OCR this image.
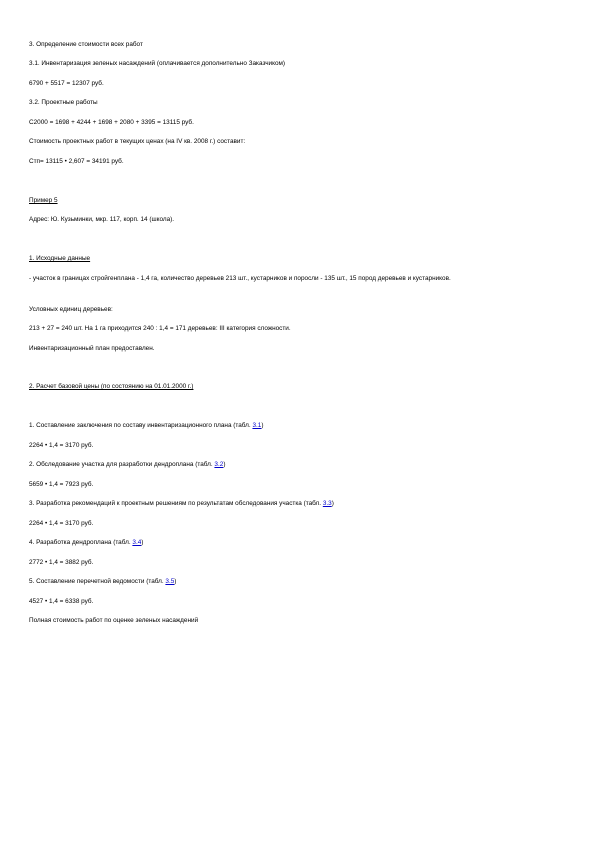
3. Определение стоимости всех работ
3.1. Инвентаризация зеленых насаждений (оплачивается дополнительно Заказчиком)
6790 + 5517 = 12307 руб.
3.2. Проектные работы
С2000 = 1698 + 4244 + 1698 + 2080 + 3395 = 13115 руб.
Стоимость проектных работ в текущих ценах (на IV кв. 2008 г.) составит:
Стп= 13115 • 2,607 = 34191 руб.
Пример 5
Адрес: Ю. Кузьминки, мкр. 117, корп. 14 (школа).
1. Исходные данные
- участок в границах стройгенплана - 1,4 га, количество деревьев 213 шт., кустарников и поросли - 135 шт., 15 пород деревьев и кустарников.
Условных единиц деревьев:
213 + 27 = 240 шт. На 1 га приходится 240 : 1,4 = 171 деревьев: III категория сложности.
Инвентаризационный план предоставлен.
2. Расчет базовой цены (по состоянию на 01.01.2000 г.)
1. Составление заключения по составу инвентаризационного плана (табл. 3.1)
2264 • 1,4 = 3170 руб.
2. Обследование участка для разработки дендроплана (табл. 3.2)
5659 • 1,4 = 7923 руб.
3. Разработка рекомендаций к проектным решениям по результатам обследования участка (табл. 3.3)
2264 • 1,4 = 3170 руб.
4. Разработка дендроплана (табл. 3.4)
2772 • 1,4 = 3882 руб.
5. Составление перечетной ведомости (табл. 3.5)
4527 • 1,4 = 6338 руб.
Полная стоимость работ по оценке зеленых насаждений
